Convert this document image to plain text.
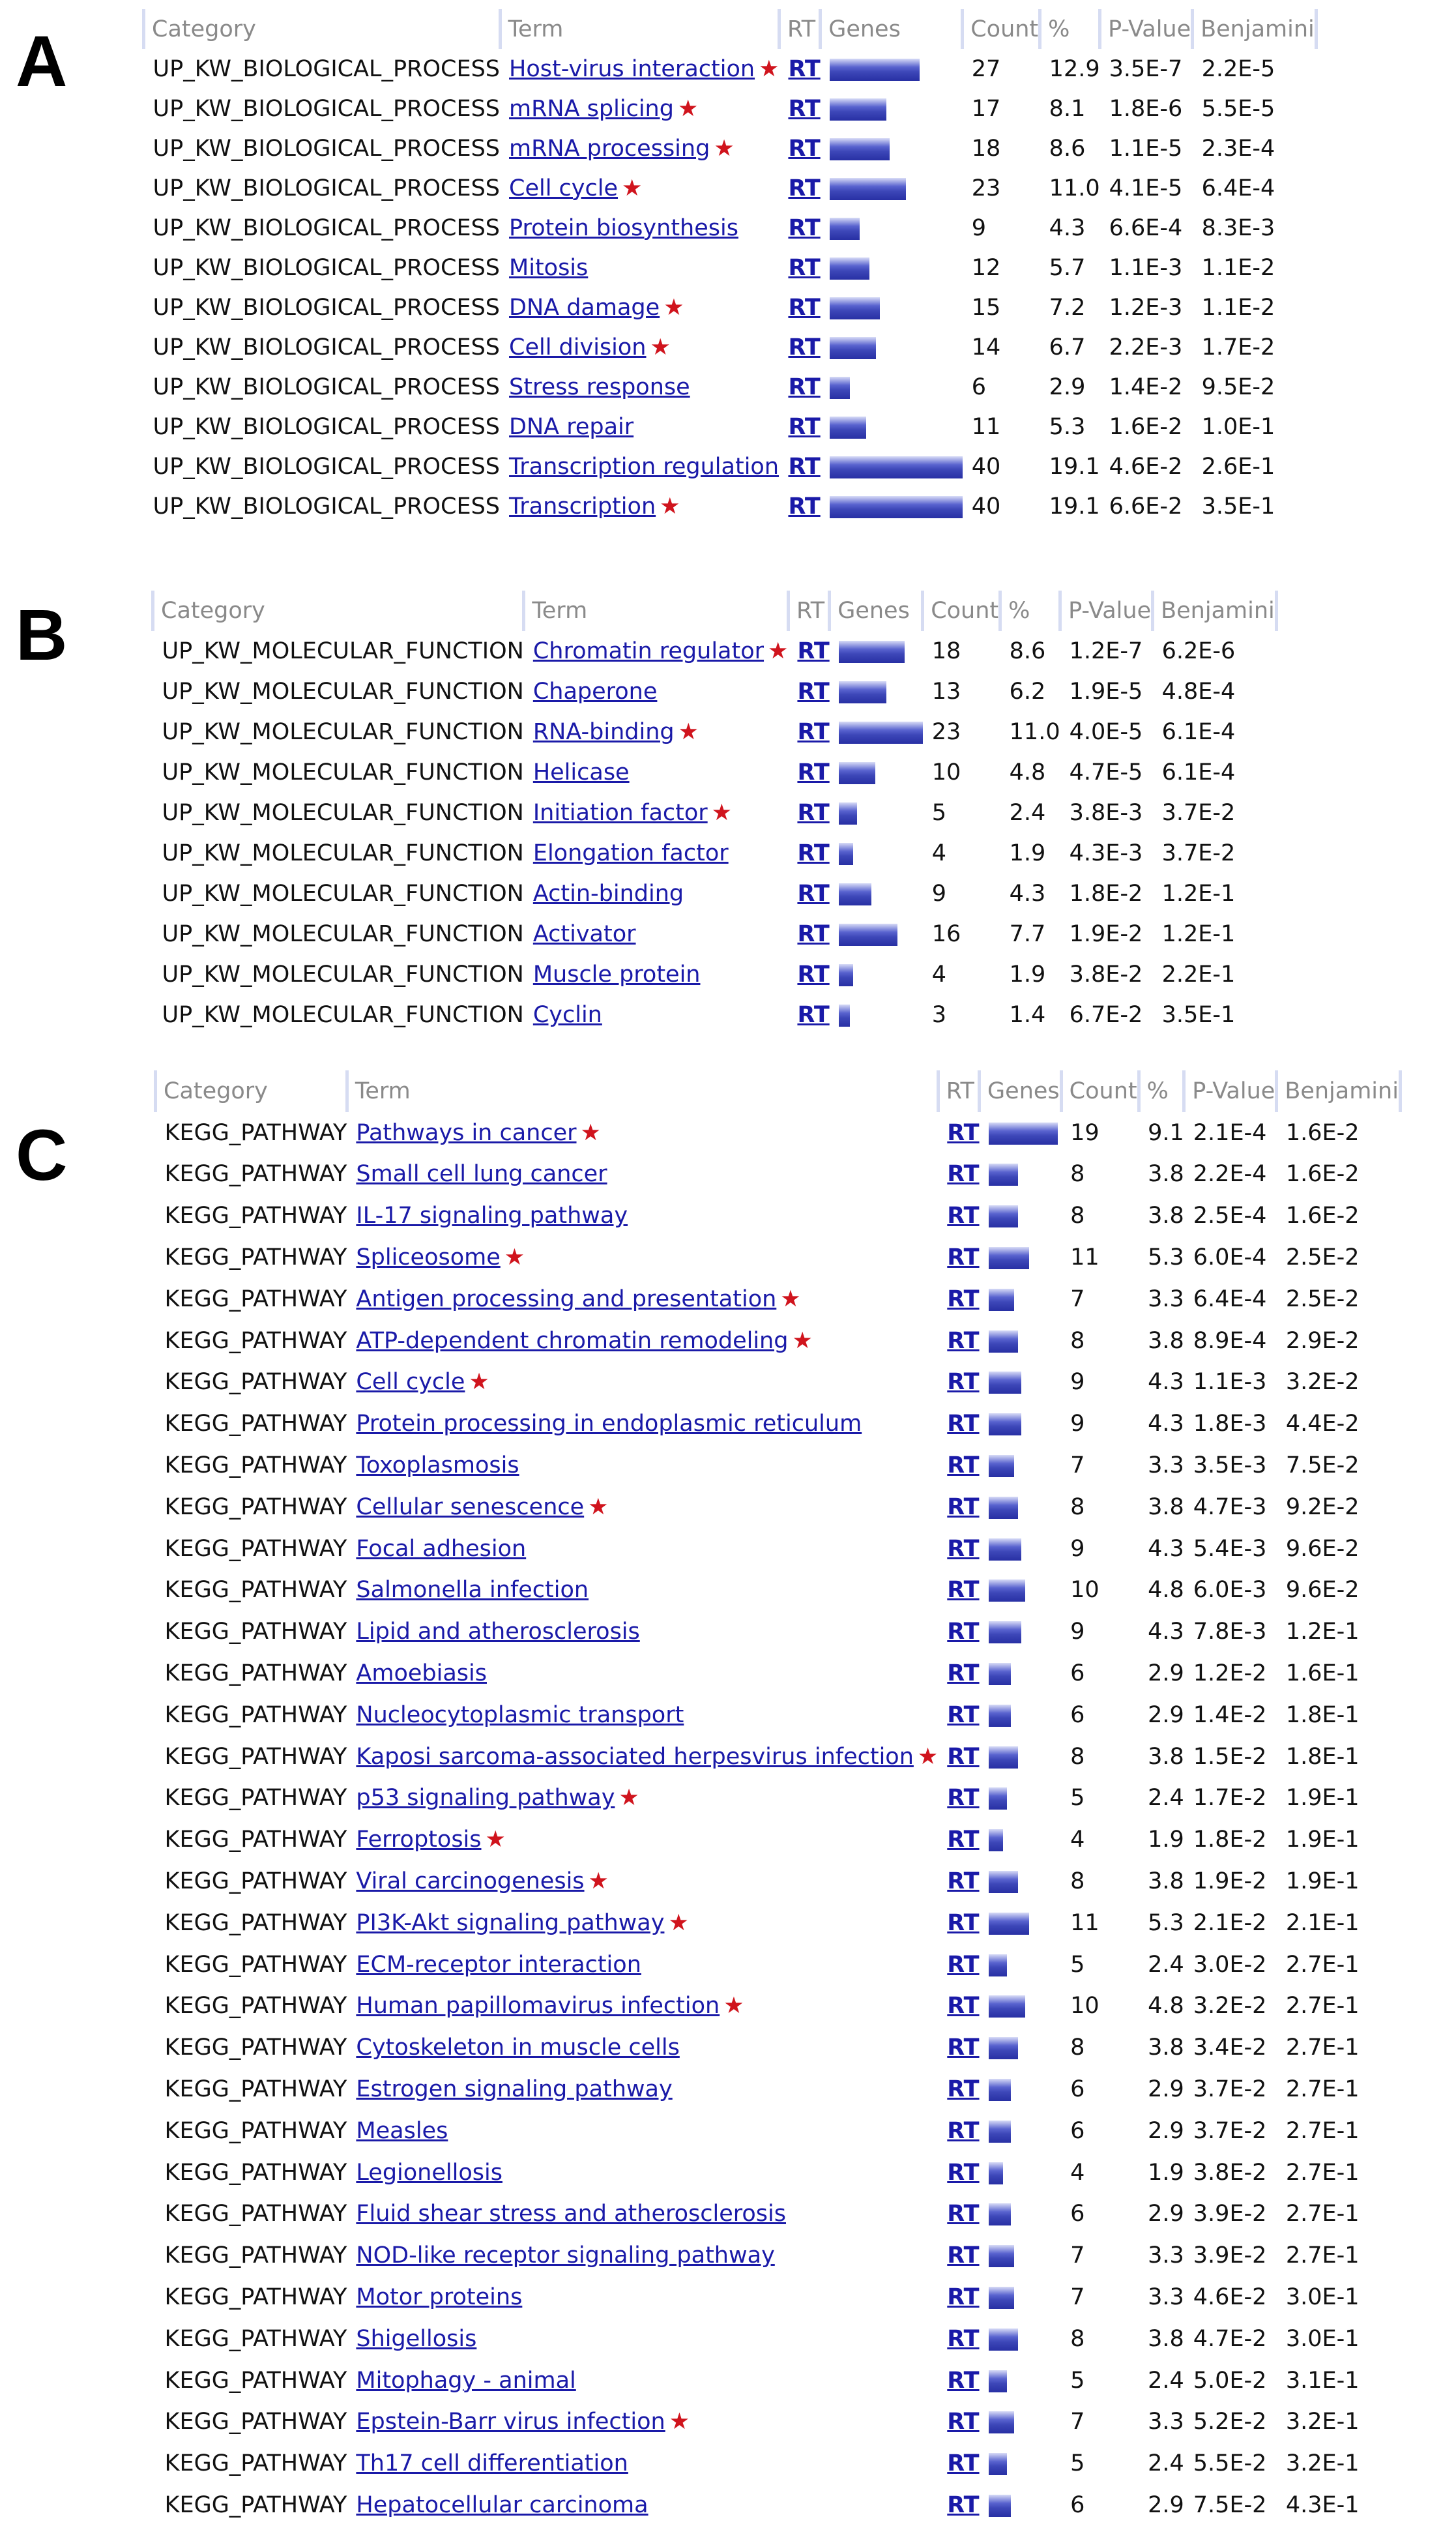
A	Category	Term	RT	Genes	Count	%	P-Value	Benjamini
UP_KW_BIOLOGICAL_PROCESS	Host-virus interaction ★	RT		27	12.9	3.5E-7	2.2E-5
UP_KW_BIOLOGICAL_PROCESS	mRNA splicing ★	RT		17	8.1	1.8E-6	5.5E-5
UP_KW_BIOLOGICAL_PROCESS	mRNA processing ★	RT		18	8.6	1.1E-5	2.3E-4
UP_KW_BIOLOGICAL_PROCESS	Cell cycle ★	RT		23	11.0	4.1E-5	6.4E-4
UP_KW_BIOLOGICAL_PROCESS	Protein biosynthesis	RT		9	4.3	6.6E-4	8.3E-3
UP_KW_BIOLOGICAL_PROCESS	Mitosis	RT		12	5.7	1.1E-3	1.1E-2
UP_KW_BIOLOGICAL_PROCESS	DNA damage ★	RT		15	7.2	1.2E-3	1.1E-2
UP_KW_BIOLOGICAL_PROCESS	Cell division ★	RT		14	6.7	2.2E-3	1.7E-2
UP_KW_BIOLOGICAL_PROCESS	Stress response	RT		6	2.9	1.4E-2	9.5E-2
UP_KW_BIOLOGICAL_PROCESS	DNA repair	RT		11	5.3	1.6E-2	1.0E-1
UP_KW_BIOLOGICAL_PROCESS	Transcription regulation	RT		40	19.1	4.6E-2	2.6E-1
UP_KW_BIOLOGICAL_PROCESS	Transcription ★	RT		40	19.1	6.6E-2	3.5E-1
B	Category	Term	RT	Genes	Count	%	P-Value	Benjamini
UP_KW_MOLECULAR_FUNCTION	Chromatin regulator ★	RT		18	8.6	1.2E-7	6.2E-6
UP_KW_MOLECULAR_FUNCTION	Chaperone	RT		13	6.2	1.9E-5	4.8E-4
UP_KW_MOLECULAR_FUNCTION	RNA-binding ★	RT		23	11.0	4.0E-5	6.1E-4
UP_KW_MOLECULAR_FUNCTION	Helicase	RT		10	4.8	4.7E-5	6.1E-4
UP_KW_MOLECULAR_FUNCTION	Initiation factor ★	RT		5	2.4	3.8E-3	3.7E-2
UP_KW_MOLECULAR_FUNCTION	Elongation factor	RT		4	1.9	4.3E-3	3.7E-2
UP_KW_MOLECULAR_FUNCTION	Actin-binding	RT		9	4.3	1.8E-2	1.2E-1
UP_KW_MOLECULAR_FUNCTION	Activator	RT		16	7.7	1.9E-2	1.2E-1
UP_KW_MOLECULAR_FUNCTION	Muscle protein	RT		4	1.9	3.8E-2	2.2E-1
UP_KW_MOLECULAR_FUNCTION	Cyclin	RT		3	1.4	6.7E-2	3.5E-1
C
Category	Term	RT	Genes	Count	%	P-Value	Benjamini
KEGG_PATHWAY	Pathways in cancer ★	RT		19	9.1	2.1E-4	1.6E-2
KEGG_PATHWAY	Small cell lung cancer	RT		8	3.8	2.2E-4	1.6E-2
KEGG_PATHWAY	IL-17 signaling pathway	RT		8	3.8	2.5E-4	1.6E-2
KEGG_PATHWAY	Spliceosome ★	RT		11	5.3	6.0E-4	2.5E-2
KEGG_PATHWAY	Antigen processing and presentation ★	RT		7	3.3	6.4E-4	2.5E-2
KEGG_PATHWAY	ATP-dependent chromatin remodeling ★	RT		8	3.8	8.9E-4	2.9E-2
KEGG_PATHWAY	Cell cycle ★	RT		9	4.3	1.1E-3	3.2E-2
KEGG_PATHWAY	Protein processing in endoplasmic reticulum	RT		9	4.3	1.8E-3	4.4E-2
KEGG_PATHWAY	Toxoplasmosis	RT		7	3.3	3.5E-3	7.5E-2
KEGG_PATHWAY	Cellular senescence ★	RT		8	3.8	4.7E-3	9.2E-2
KEGG_PATHWAY	Focal adhesion	RT		9	4.3	5.4E-3	9.6E-2
KEGG_PATHWAY	Salmonella infection	RT		10	4.8	6.0E-3	9.6E-2
KEGG_PATHWAY	Lipid and atherosclerosis	RT		9	4.3	7.8E-3	1.2E-1
KEGG_PATHWAY	Amoebiasis	RT		6	2.9	1.2E-2	1.6E-1
KEGG_PATHWAY	Nucleocytoplasmic transport	RT		6	2.9	1.4E-2	1.8E-1
KEGG_PATHWAY	Kaposi sarcoma-associated herpesvirus infection ★	RT		8	3.8	1.5E-2	1.8E-1
KEGG_PATHWAY	p53 signaling pathway ★	RT		5	2.4	1.7E-2	1.9E-1
KEGG_PATHWAY	Ferroptosis ★	RT		4	1.9	1.8E-2	1.9E-1
KEGG_PATHWAY	Viral carcinogenesis ★	RT		8	3.8	1.9E-2	1.9E-1
KEGG_PATHWAY	PI3K-Akt signaling pathway ★	RT		11	5.3	2.1E-2	2.1E-1
KEGG_PATHWAY	ECM-receptor interaction	RT		5	2.4	3.0E-2	2.7E-1
KEGG_PATHWAY	Human papillomavirus infection ★	RT		10	4.8	3.2E-2	2.7E-1
KEGG_PATHWAY	Cytoskeleton in muscle cells	RT		8	3.8	3.4E-2	2.7E-1
KEGG_PATHWAY	Estrogen signaling pathway	RT		6	2.9	3.7E-2	2.7E-1
KEGG_PATHWAY	Measles	RT		6	2.9	3.7E-2	2.7E-1
KEGG_PATHWAY	Legionellosis	RT		4	1.9	3.8E-2	2.7E-1
KEGG_PATHWAY	Fluid shear stress and atherosclerosis	RT		6	2.9	3.9E-2	2.7E-1
KEGG_PATHWAY	NOD-like receptor signaling pathway	RT		7	3.3	3.9E-2	2.7E-1
KEGG_PATHWAY	Motor proteins	RT		7	3.3	4.6E-2	3.0E-1
KEGG_PATHWAY	Shigellosis	RT		8	3.8	4.7E-2	3.0E-1
KEGG_PATHWAY	Mitophagy - animal	RT		5	2.4	5.0E-2	3.1E-1
KEGG_PATHWAY	Epstein-Barr virus infection ★	RT		7	3.3	5.2E-2	3.2E-1
KEGG_PATHWAY	Th17 cell differentiation	RT		5	2.4	5.5E-2	3.2E-1
KEGG_PATHWAY	Hepatocellular carcinoma	RT		6	2.9	7.5E-2	4.3E-1
